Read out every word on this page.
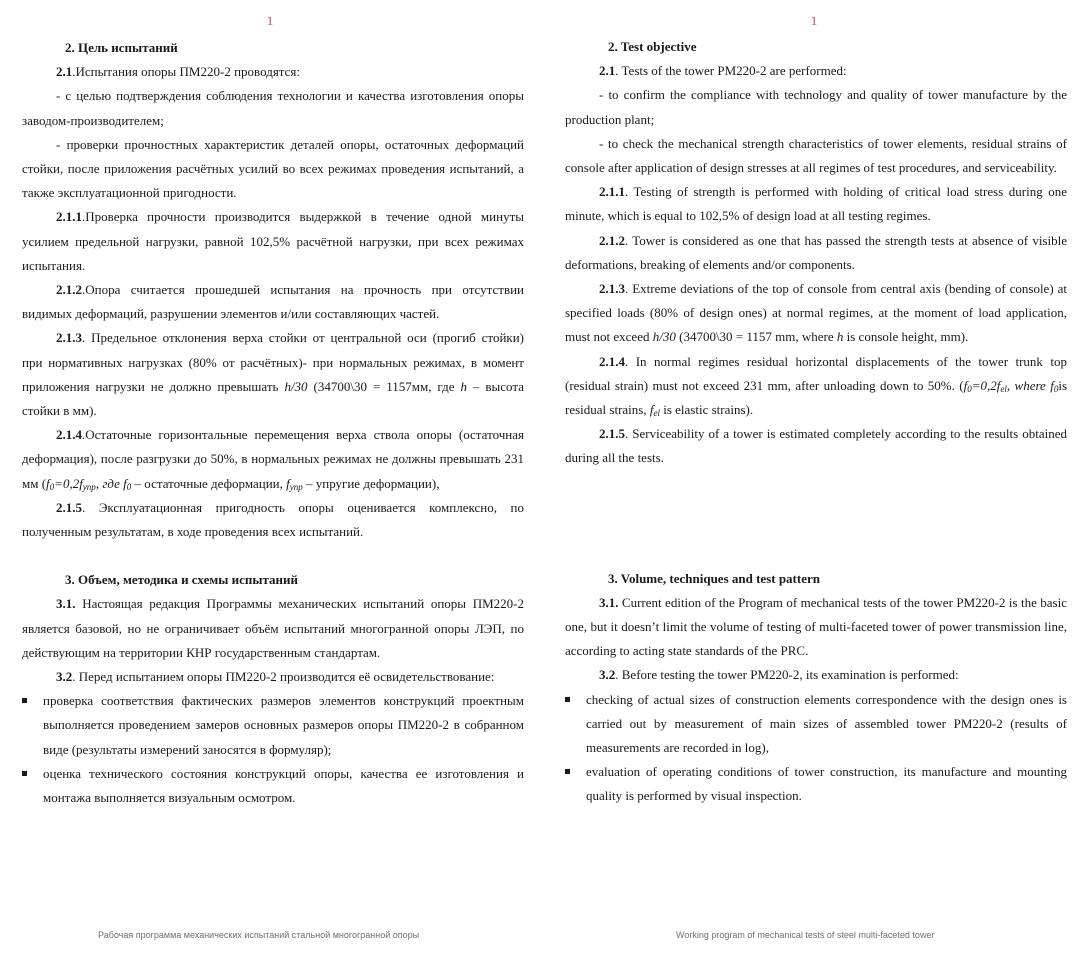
1
2. Цель испытаний
2.1.Испытания опоры ПМ220-2 проводятся:
- с целью подтверждения соблюдения технологии и качества изготовления опоры заводом-производителем;
- проверки прочностных характеристик деталей опоры, остаточных деформаций стойки, после приложения расчётных усилий во всех режимах проведения испытаний, а также эксплуатационной пригодности.
2.1.1.Проверка прочности производится выдержкой в течение одной минуты усилием предельной нагрузки, равной 102,5% расчётной нагрузки, при всех режимах испытания.
2.1.2.Опора считается прошедшей испытания на прочность при отсутствии видимых деформаций, разрушении элементов и/или составляющих частей.
2.1.3. Предельное отклонения верха стойки от центральной оси (прогиб стойки) при нормативных нагрузках (80% от расчётных)- при нормальных режимах, в момент приложения нагрузки не должно превышать h/30 (34700\30 = 1157мм, где h – высота стойки в мм).
2.1.4.Остаточные горизонтальные перемещения верха ствола опоры (остаточная деформация), после разгрузки до 50%, в нормальных режимах не должны превышать 231 мм ($f_0=0,2f_{упр}$, где $f_0$ – остаточные деформации, $f_{упр}$ – упругие деформации),
2.1.5. Эксплуатационная пригодность опоры оценивается комплексно, по полученным результатам, в ходе проведения всех испытаний.
3. Объем, методика и схемы испытаний
3.1. Настоящая редакция Программы механических испытаний опоры ПМ220-2 является базовой, но не ограничивает объём испытаний многогранной опоры ЛЭП, по действующим на территории КНР государственным стандартам.
3.2. Перед испытанием опоры ПМ220-2 производится её освидетельствование:
проверка соответствия фактических размеров элементов конструкций проектным выполняется проведением замеров основных размеров опоры ПМ220-2 в собранном виде (результаты измерений заносятся в формуляр);
оценка технического состояния конструкций опоры, качества ее изготовления и монтажа выполняется визуальным осмотром.
Рабочая программа механических испытаний стальной многогранной опоры
1
2. Test objective
2.1. Tests of the tower PM220-2 are performed:
- to confirm the compliance with technology and quality of tower manufacture by the production plant;
- to check the mechanical strength characteristics of tower elements, residual strains of console after application of design stresses at all regimes of test procedures, and serviceability.
2.1.1. Testing of strength is performed with holding of critical load stress during one minute, which is equal to 102,5% of design load at all testing regimes.
2.1.2. Tower is considered as one that has passed the strength tests at absence of visible deformations, breaking of elements and/or components.
2.1.3. Extreme deviations of the top of console from central axis (bending of console) at specified loads (80% of design ones) at normal regimes, at the moment of load application, must not exceed h/30 (34700\30 = 1157 mm, where h is console height, mm).
2.1.4. In normal regimes residual horizontal displacements of the tower trunk top (residual strain) must not exceed 231 mm, after unloading down to 50%. ($f_0=0,2f_{el}$, where $f_0is$ residual strains, $f_{el}$ is elastic strains).
2.1.5. Serviceability of a tower is estimated completely according to the results obtained during all the tests.
3. Volume, techniques and test pattern
3.1. Current edition of the Program of mechanical tests of the tower PM220-2 is the basic one, but it doesn’t limit the volume of testing of multi-faceted tower of power transmission line, according to acting state standards of the PRC.
3.2. Before testing the tower PM220-2, its examination is performed:
checking of actual sizes of construction elements correspondence with the design ones is carried out by measurement of main sizes of assembled tower PM220-2 (results of measurements are recorded in log),
evaluation of operating conditions of tower construction, its manufacture and mounting quality is performed by visual inspection.
Working program of mechanical tests of steel multi-faceted tower
